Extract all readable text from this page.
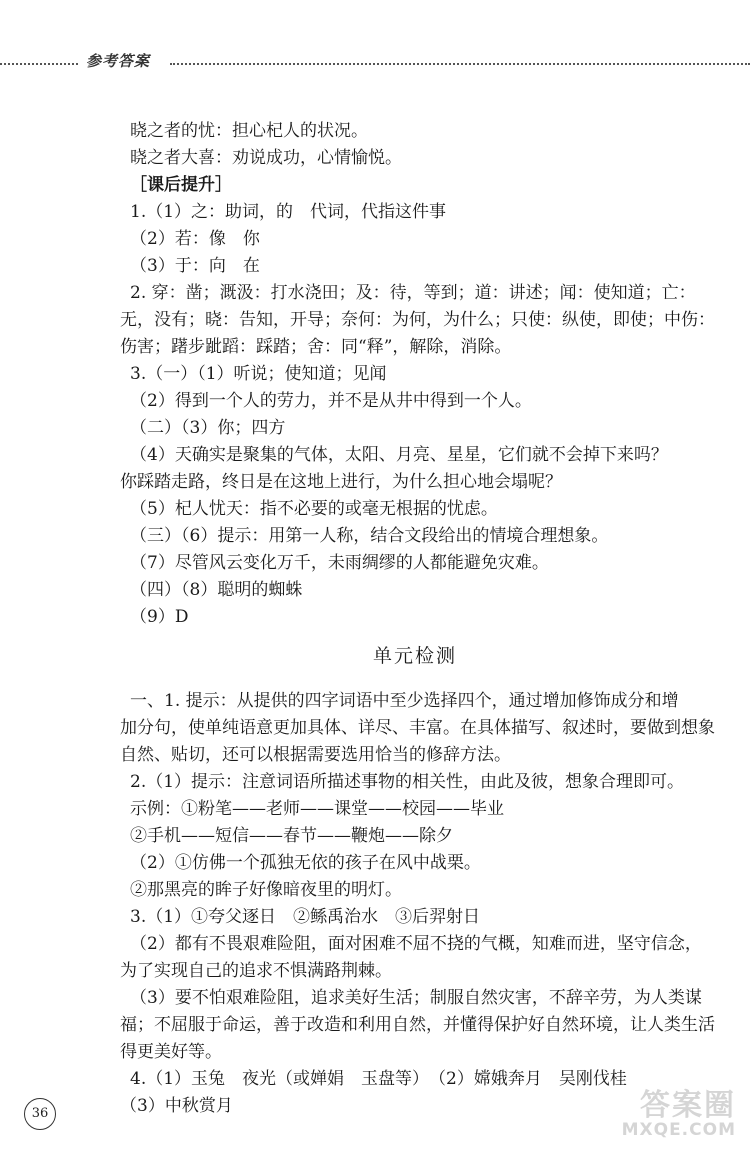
参考答案
晓之者的忧：担心杞人的状况。
晓之者大喜：劝说成功，心情愉悦。
［课后提升］
1.（1）之：助词，的　代词，代指这件事
（2）若：像　你
（3）于：向　在
2. 穿：凿；溉汲：打水浇田；及：待，等到；道：讲述；闻：使知道；亡：
无，没有；晓：告知，开导；奈何：为何，为什么；只使：纵使，即使；中伤：
伤害；躇步跐蹈：踩踏；舍：同“释”，解除，消除。
3.（一）（1）听说；使知道；见闻
（2）得到一个人的劳力，并不是从井中得到一个人。
（二）（3）你；四方
（4）天确实是聚集的气体，太阳、月亮、星星，它们就不会掉下来吗？
你踩踏走路，终日是在这地上进行，为什么担心地会塌呢？
（5）杞人忧天：指不必要的或毫无根据的忧虑。
（三）（6）提示：用第一人称，结合文段给出的情境合理想象。
（7）尽管风云变化万千，未雨绸缪的人都能避免灾难。
（四）（8）聪明的蜘蛛
（9）D
单元检测
一、1. 提示：从提供的四字词语中至少选择四个，通过增加修饰成分和增
加分句，使单纯语意更加具体、详尽、丰富。在具体描写、叙述时，要做到想象
自然、贴切，还可以根据需要选用恰当的修辞方法。
2.（1）提示：注意词语所描述事物的相关性，由此及彼，想象合理即可。
示例：①粉笔——老师——课堂——校园——毕业
②手机——短信——春节——鞭炮——除夕
（2）①仿佛一个孤独无依的孩子在风中战栗。
②那黑亮的眸子好像暗夜里的明灯。
3.（1）①夸父逐日　②鲧禹治水　③后羿射日
（2）都有不畏艰难险阻，面对困难不屈不挠的气概，知难而进，坚守信念，
为了实现自己的追求不惧满路荆棘。
（3）要不怕艰难险阻，追求美好生活；制服自然灾害，不辞辛劳，为人类谋
福；不屈服于命运，善于改造和利用自然，并懂得保护好自然环境，让人类生活
得更美好等。
4.（1）玉兔　夜光（或婵娟　玉盘等）　（2）嫦娥奔月　吴刚伐桂
（3）中秋赏月
36	答案圈
MXQE.COM
